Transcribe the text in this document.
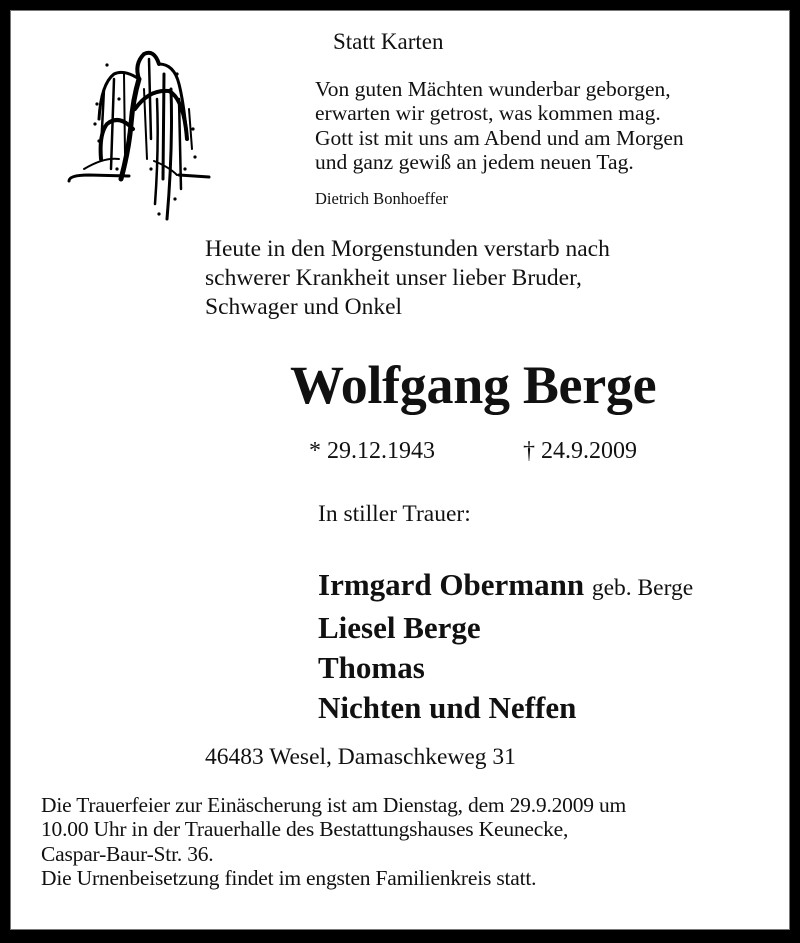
Statt Karten
Von guten Mächten wunderbar geborgen,
erwarten wir getrost, was kommen mag.
Gott ist mit uns am Abend und am Morgen
und ganz gewiß an jedem neuen Tag.
Dietrich Bonhoeffer
Heute in den Morgenstunden verstarb nach
schwerer Krankheit unser lieber Bruder,
Schwager und Onkel
Wolfgang Berge
* 29.12.1943	† 24.9.2009
In stiller Trauer:
Irmgard Obermann geb. Berge
Liesel Berge
Thomas
Nichten und Neffen
46483 Wesel, Damaschkeweg 31
Die Trauerfeier zur Einäscherung ist am Dienstag, dem 29.9.2009 um
10.00 Uhr in der Trauerhalle des Bestattungshauses Keunecke,
Caspar-Baur-Str. 36.
Die Urnenbeisetzung findet im engsten Familienkreis statt.
